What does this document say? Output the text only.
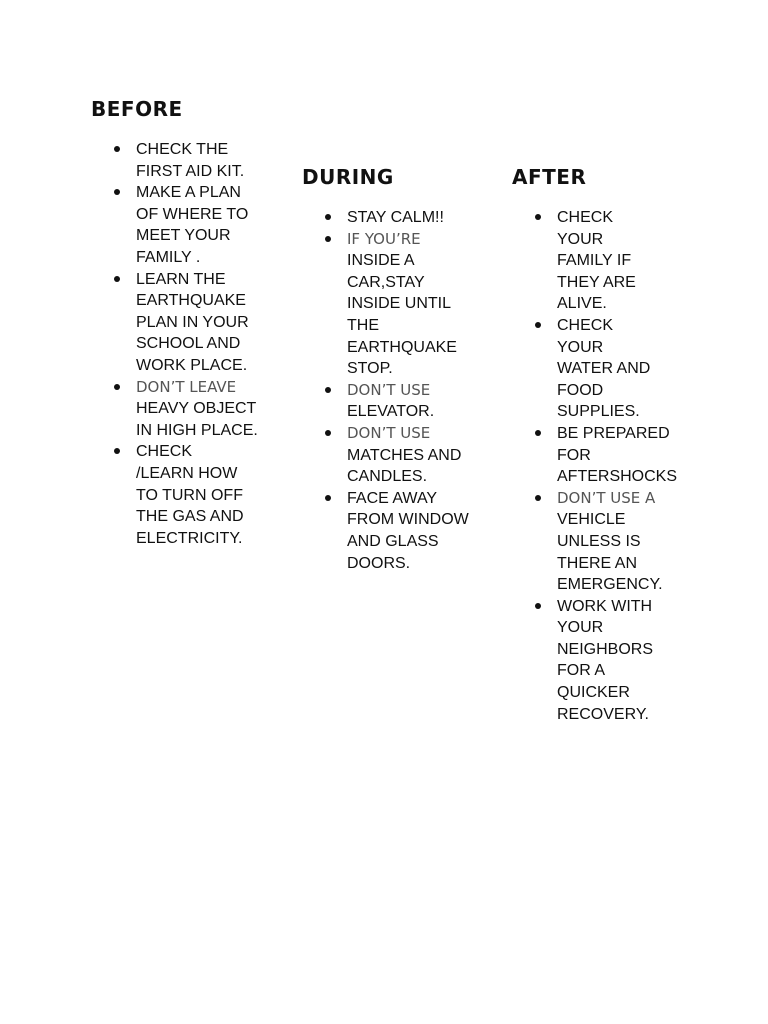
BEFORE
CHECK THE FIRST AID KIT.
MAKE A PLAN OF WHERE TO MEET YOUR FAMILY .
LEARN THE EARTHQUAKE PLAN IN YOUR SCHOOL AND WORK PLACE.
DON’T LEAVE
HEAVY OBJECT IN HIGH PLACE.
CHECK /LEARN HOW TO TURN OFF THE GAS AND ELECTRICITY.
DURING
STAY CALM!!
IF YOU’RE
INSIDE A CAR,STAY INSIDE UNTIL THE EARTHQUAKE STOP.
DON’T USE
ELEVATOR.
DON’T USE
MATCHES AND CANDLES.
FACE AWAY FROM WINDOW AND GLASS DOORS.
AFTER
CHECK YOUR FAMILY IF THEY ARE ALIVE.
CHECK YOUR WATER AND FOOD SUPPLIES.
BE PREPARED FOR AFTERSHOCKS
DON’T USE A
VEHICLE UNLESS IS THERE AN EMERGENCY.
WORK WITH YOUR NEIGHBORS FOR A QUICKER RECOVERY.
